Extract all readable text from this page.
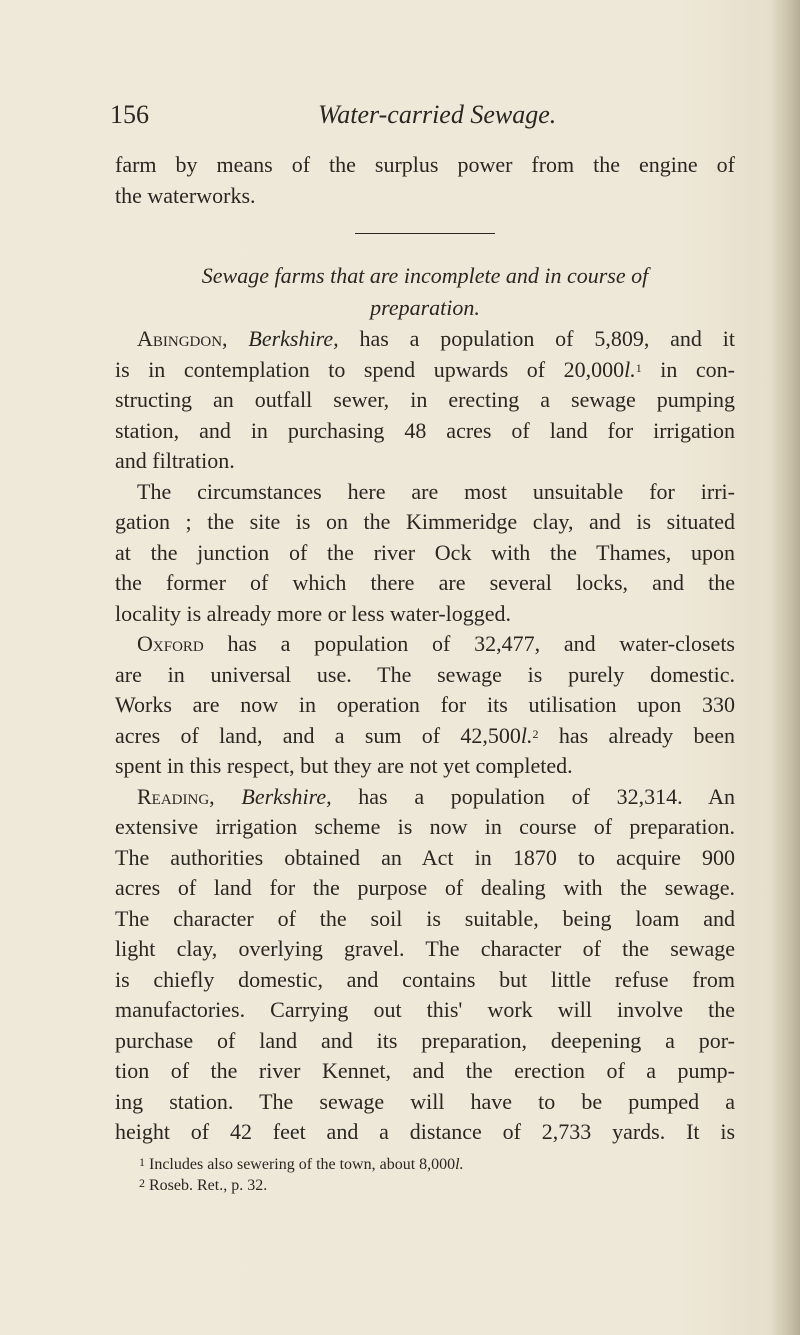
156	Water-carried Sewage.
farm by means of the surplus power from the engine of
the waterworks.
Sewage farms that are incomplete and in course of
preparation.
Abingdon, Berkshire, has a population of 5,809, and it
is in contemplation to spend upwards of 20,000l.$^1$ in con-
structing an outfall sewer, in erecting a sewage pumping
station, and in purchasing 48 acres of land for irrigation
and filtration.
The circumstances here are most unsuitable for irri-
gation ; the site is on the Kimmeridge clay, and is situated
at the junction of the river Ock with the Thames, upon
the former of which there are several locks, and the
locality is already more or less water-logged.
Oxford has a population of 32,477, and water-closets
are in universal use. The sewage is purely domestic.
Works are now in operation for its utilisation upon 330
acres of land, and a sum of 42,500l.$^2$ has already been
spent in this respect, but they are not yet completed.
Reading, Berkshire, has a population of 32,314. An
extensive irrigation scheme is now in course of preparation.
The authorities obtained an Act in 1870 to acquire 900
acres of land for the purpose of dealing with the sewage.
The character of the soil is suitable, being loam and
light clay, overlying gravel. The character of the sewage
is chiefly domestic, and contains but little refuse from
manufactories. Carrying out this' work will involve the
purchase of land and its preparation, deepening a por-
tion of the river Kennet, and the erection of a pump-
ing station. The sewage will have to be pumped a
height of 42 feet and a distance of 2,733 yards. It is
$^1$ Includes also sewering of the town, about 8,000l.
$^2$ Roseb. Ret., p. 32.
